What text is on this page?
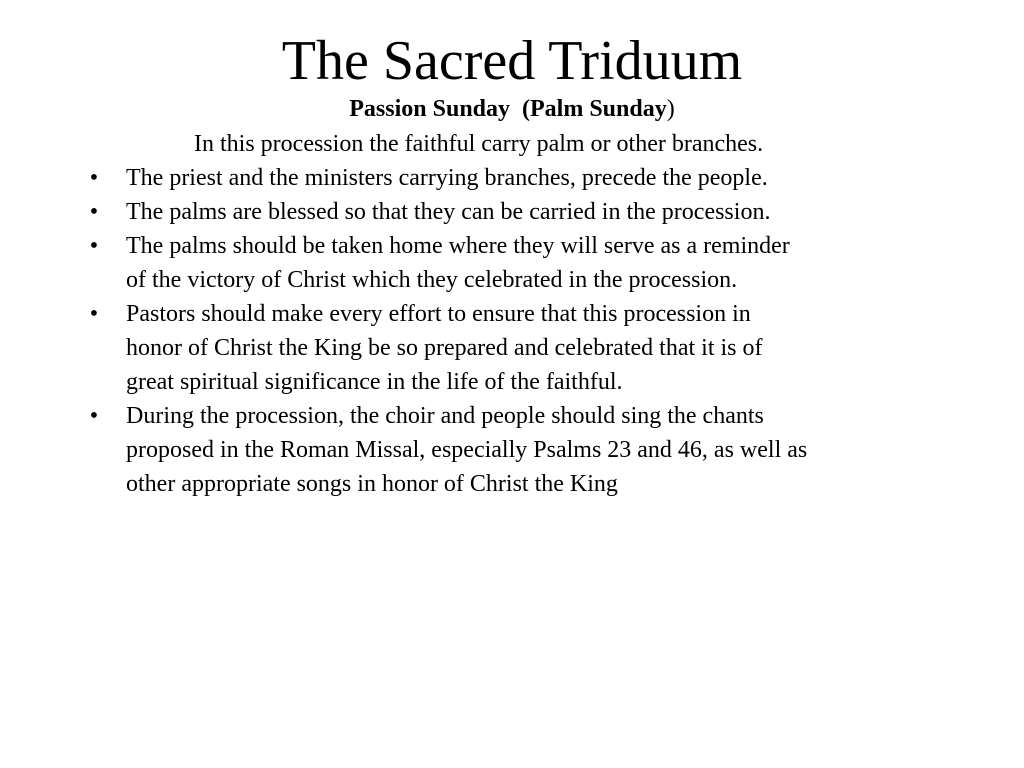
The Sacred Triduum

Passion Sunday (Palm Sunday)

In this procession the faithful carry palm or other branches.

• The priest and the ministers carrying branches, precede the people.
• The palms are blessed so that they can be carried in the procession.
• The palms should be taken home where they will serve as a reminder
of the victory of Christ which they celebrated in the procession.
• Pastors should make every effort to ensure that this procession in
honor of Christ the King be so prepared and celebrated that it is of
great spiritual significance in the life of the faithful.
• During the procession, the choir and people should sing the chants
proposed in the Roman Missal, especially Psalms 23 and 46, as well as
other appropriate songs in honor of Christ the King
